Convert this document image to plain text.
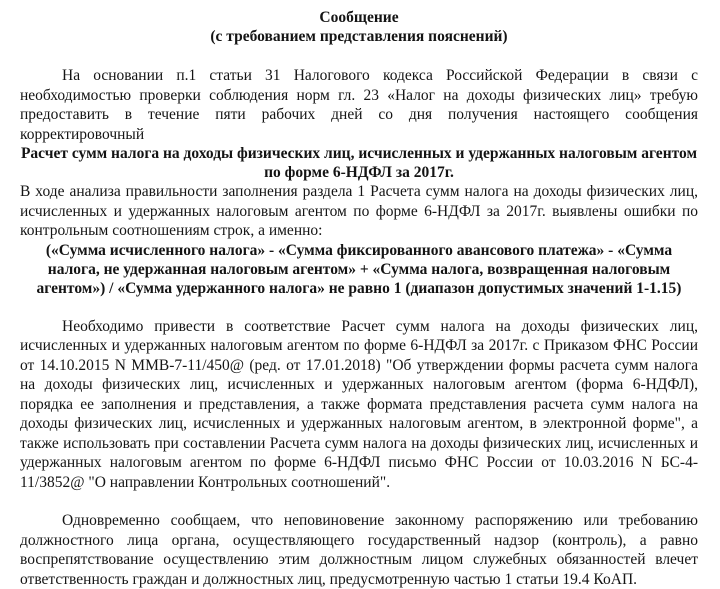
Сообщение

(с требованием представления пояснений)

На основании п.1 статьи 31 Налогового кодекса Российской Федерации в связи с необходимостью проверки соблюдения норм гл. 23 «Налог на доходы физических лиц» требую предоставить в течение пяти рабочих дней со дня получения настоящего сообщения корректировочный

Расчет сумм налога на доходы физических лиц, исчисленных и удержанных налоговым агентом по форме 6-НДФЛ за 2017г.

В ходе анализа правильности заполнения раздела 1 Расчета сумм налога на доходы физических лиц, исчисленных и удержанных налоговым агентом по форме 6-НДФЛ за 2017г. выявлены ошибки по контрольным соотношениям строк, а именно:

(«Сумма исчисленного налога» - «Сумма фиксированного авансового платежа» - «Сумма налога, не удержанная налоговым агентом» + «Сумма налога, возвращенная налоговым агентом») / «Сумма удержанного налога» не равно 1 (диапазон допустимых значений 1-1.15)

Необходимо привести в соответствие Расчет сумм налога на доходы физических лиц, исчисленных и удержанных налоговым агентом по форме 6-НДФЛ за 2017г. с Приказом ФНС России от 14.10.2015 N ММВ-7-11/450@ (ред. от 17.01.2018) "Об утверждении формы расчета сумм налога на доходы физических лиц, исчисленных и удержанных налоговым агентом (форма 6-НДФЛ), порядка ее заполнения и представления, а также формата представления расчета сумм налога на доходы физических лиц, исчисленных и удержанных налоговым агентом, в электронной форме", а также использовать при составлении Расчета сумм налога на доходы физических лиц, исчисленных и удержанных налоговым агентом по форме 6-НДФЛ письмо ФНС России от 10.03.2016 N БС-4-11/3852@ "О направлении Контрольных соотношений".

Одновременно сообщаем, что неповиновение законному распоряжению или требованию должностного лица органа, осуществляющего государственный надзор (контроль), а равно воспрепятствование осуществлению этим должностным лицом служебных обязанностей влечет ответственность граждан и должностных лиц, предусмотренную частью 1 статьи 19.4 КоАП.
